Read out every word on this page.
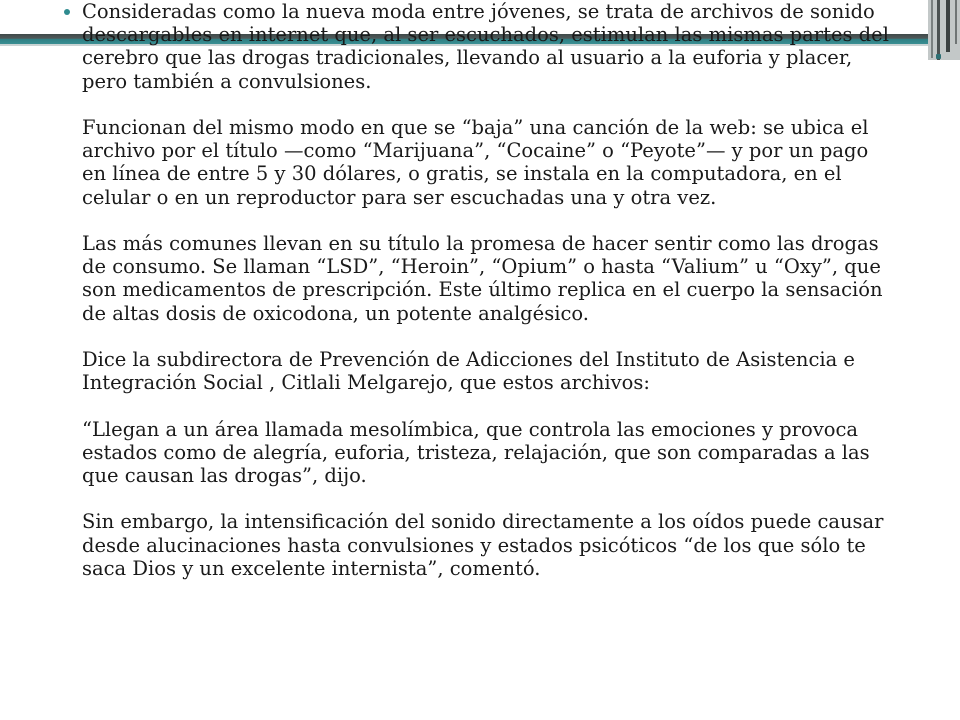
Consideradas como la nueva moda entre jóvenes, se trata de archivos de sonido descargables en internet que, al ser escuchados, estimulan las mismas partes del cerebro que las drogas tradicionales, llevando al usuario a la euforia y placer, pero también a convulsiones.

Funcionan del mismo modo en que se “baja” una canción de la web: se ubica el archivo por el título —como “Marijuana”, “Cocaine” o “Peyote”— y por un pago en línea de entre 5 y 30 dólares, o gratis, se instala en la computadora, en el celular o en un reproductor para ser escuchadas una y otra vez.

Las más comunes llevan en su título la promesa de hacer sentir como las drogas de consumo. Se llaman “LSD”, “Heroin”, “Opium” o hasta “Valium” u “Oxy”, que son medicamentos de prescripción. Este último replica en el cuerpo la sensación de altas dosis de oxicodona, un potente analgésico.

Dice la subdirectora de Prevención de Adicciones del Instituto de Asistencia e Integración Social , Citlali Melgarejo, que estos archivos:

“Llegan a un área llamada mesolímbica, que controla las emociones y provoca estados como de alegría, euforia, tristeza, relajación, que son comparadas a las que causan las drogas”, dijo.

Sin embargo, la intensificación del sonido directamente a los oídos puede causar desde alucinaciones hasta convulsiones y estados psicóticos “de los que sólo te saca Dios y un excelente internista”, comentó.
